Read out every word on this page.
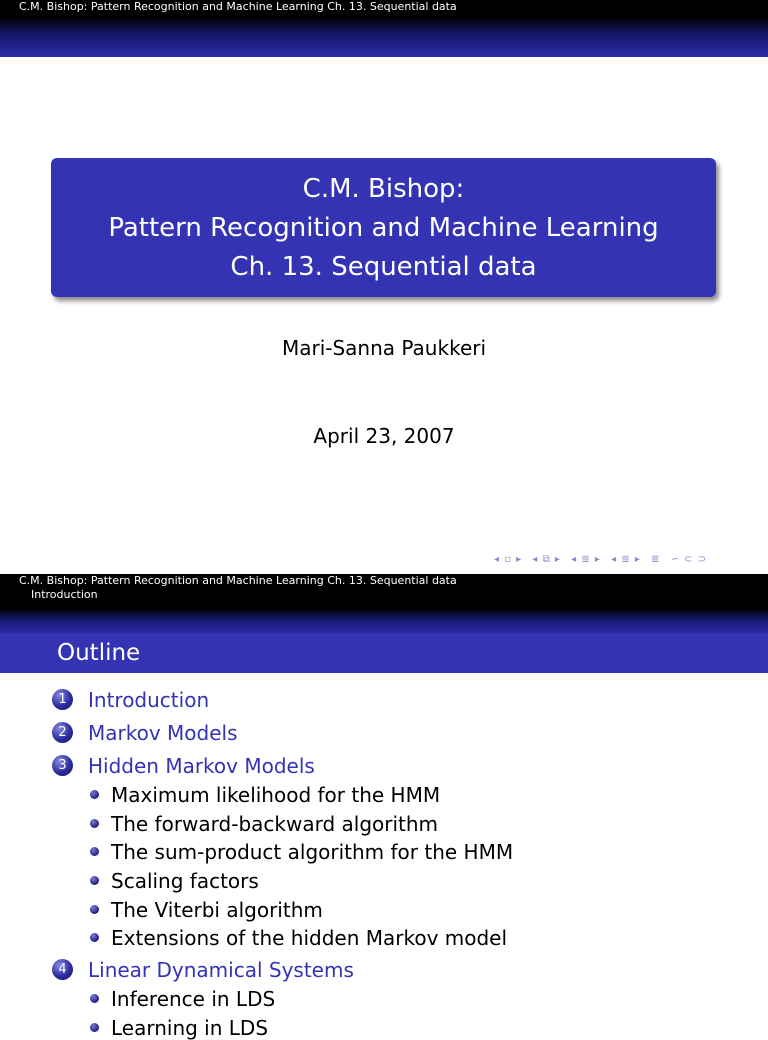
C.M. Bishop: Pattern Recognition and Machine Learning Ch. 13. Sequential data
C.M. Bishop:
Pattern Recognition and Machine Learning
Ch. 13. Sequential data
Mari-Sanna Paukkeri
April 23, 2007
◂ ▫ ▸ ◂ ⧉ ▸ ◂ ≣ ▸ ◂ ≣ ▸ ≣ ∽ ⊂ ⊃
C.M. Bishop: Pattern Recognition and Machine Learning Ch. 13. Sequential data
Introduction
Outline
1 Introduction
2 Markov Models
3 Hidden Markov Models
Maximum likelihood for the HMM
The forward-backward algorithm
The sum-product algorithm for the HMM
Scaling factors
The Viterbi algorithm
Extensions of the hidden Markov model
4 Linear Dynamical Systems
Inference in LDS
Learning in LDS
